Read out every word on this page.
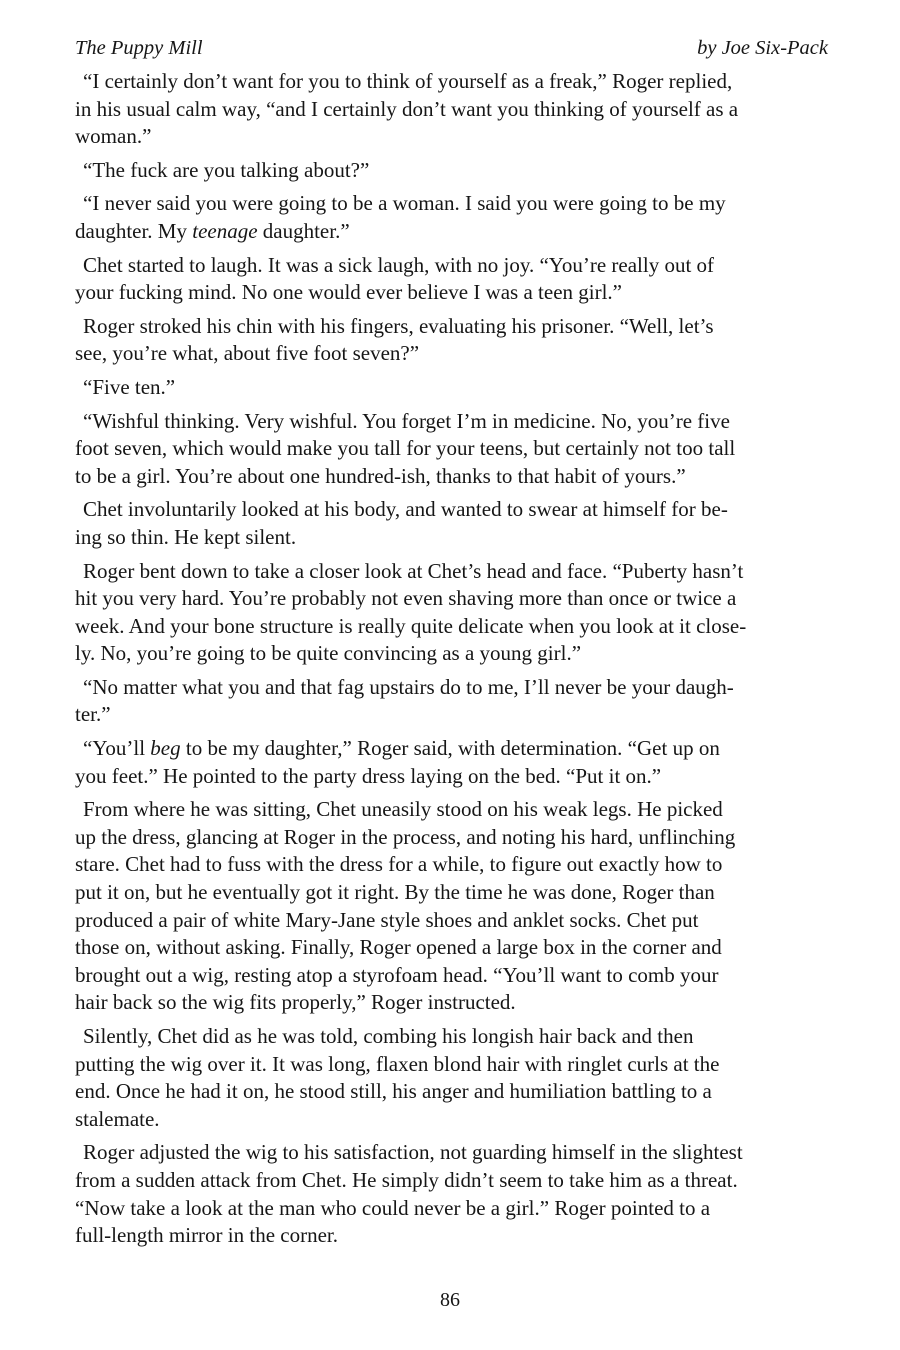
The Puppy Mill	by Joe Six-Pack

“I certainly don’t want for you to think of yourself as a freak,” Roger replied,
in his usual calm way, “and I certainly don’t want you thinking of yourself as a
woman.”

“The fuck are you talking about?”

“I never said you were going to be a woman. I said you were going to be my
daughter. My teenage daughter.”

Chet started to laugh. It was a sick laugh, with no joy. “You’re really out of
your fucking mind. No one would ever believe I was a teen girl.”

Roger stroked his chin with his fingers, evaluating his prisoner. “Well, let’s
see, you’re what, about five foot seven?”

“Five ten.”

“Wishful thinking. Very wishful. You forget I’m in medicine. No, you’re five
foot seven, which would make you tall for your teens, but certainly not too tall
to be a girl. You’re about one hundred-ish, thanks to that habit of yours.”

Chet involuntarily looked at his body, and wanted to swear at himself for be-
ing so thin. He kept silent.

Roger bent down to take a closer look at Chet’s head and face. “Puberty hasn’t
hit you very hard. You’re probably not even shaving more than once or twice a
week. And your bone structure is really quite delicate when you look at it close-
ly. No, you’re going to be quite convincing as a young girl.”

“No matter what you and that fag upstairs do to me, I’ll never be your daugh-
ter.”

“You’ll beg to be my daughter,” Roger said, with determination. “Get up on
you feet.” He pointed to the party dress laying on the bed. “Put it on.”

From where he was sitting, Chet uneasily stood on his weak legs. He picked
up the dress, glancing at Roger in the process, and noting his hard, unflinching
stare. Chet had to fuss with the dress for a while, to figure out exactly how to
put it on, but he eventually got it right. By the time he was done, Roger than
produced a pair of white Mary-Jane style shoes and anklet socks. Chet put
those on, without asking. Finally, Roger opened a large box in the corner and
brought out a wig, resting atop a styrofoam head. “You’ll want to comb your
hair back so the wig fits properly,” Roger instructed.

Silently, Chet did as he was told, combing his longish hair back and then
putting the wig over it. It was long, flaxen blond hair with ringlet curls at the
end. Once he had it on, he stood still, his anger and humiliation battling to a
stalemate.

Roger adjusted the wig to his satisfaction, not guarding himself in the slightest
from a sudden attack from Chet. He simply didn’t seem to take him as a threat.
“Now take a look at the man who could never be a girl.” Roger pointed to a
full-length mirror in the corner.

86
